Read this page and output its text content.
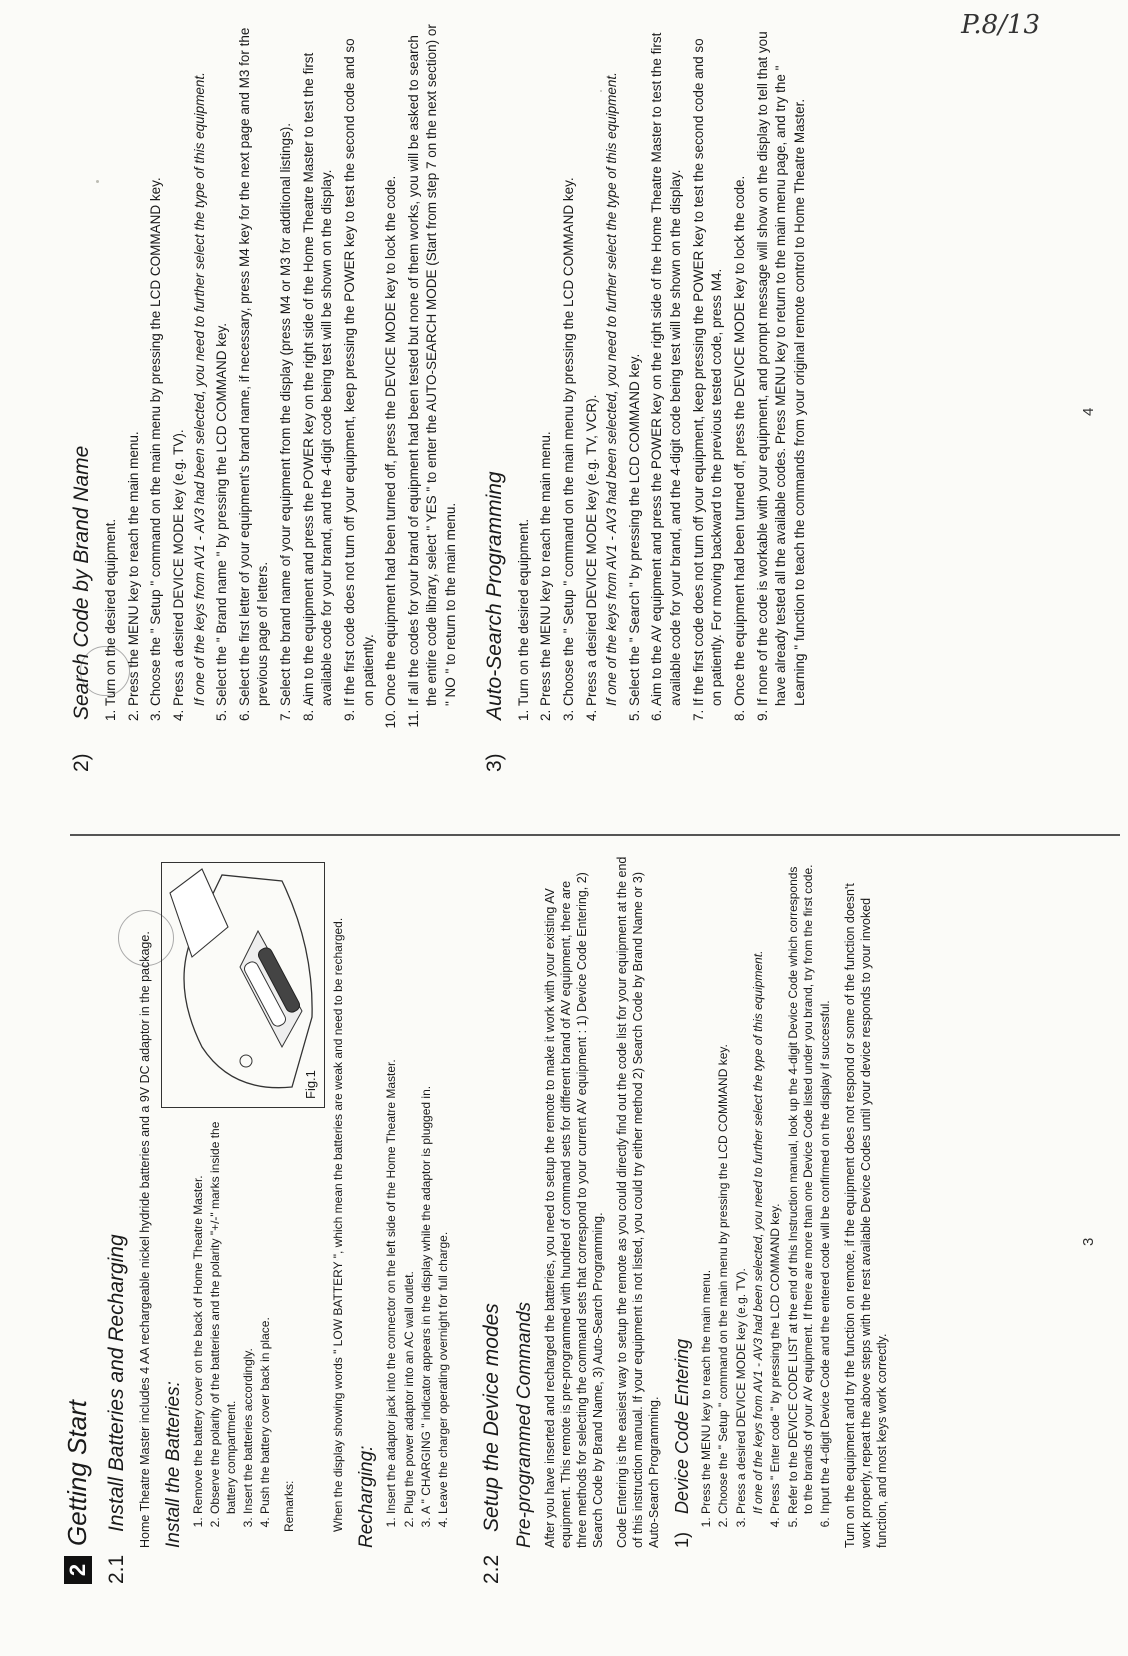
2
Getting Start
2.1Install Batteries and Recharging Home Theatre Master includes 4 AA rechargeable nickel hydride batteries and a 9V DC adaptor in the package.	Fig.1
Install the Batteries: 1. Remove the battery cover on the back of Home Theatre Master. 2. Observe the polarity of the batteries and the polarity "+/-" marks inside the battery compartment. 3. Insert the batteries accordingly. 4. Push the battery cover back in place. Remarks:	When the display showing words " LOW BATTERY ", which mean the batteries are weak and need to be recharged. Recharging: 1. Insert the adaptor jack into the connector on the left side of the Home Theatre Master. 2. Plug the power adaptor into an AC wall outlet. 3. A " CHARGING " indicator appears in the display while the adaptor is plugged in. 4. Leave the charger operating overnight for full charge.
2.2Setup the Device modes Pre-programmed Commands After you have inserted and recharged the batteries, you need to setup the remote to make it work with your existing AV equipment. This remote is pre-programmed with hundred of command sets for different brand of AV equipment, there are three methods for selecting the command sets that correspond to your current AV equipment : 1) Device Code Entering, 2) Search Code by Brand Name, 3) Auto-Search Programming. Code Entering is the easiest way to setup the remote as you could directly find out the code list for your equipment at the end of this instruction manual. If your equipment is not listed, you could try either method 2) Search Code by Brand Name or 3) Auto-Search Programming. 1)Device Code Entering 1. Press the MENU key to reach the main menu. 2. Choose the " Setup " command on the main menu by pressing the LCD COMMAND key. 3. Press a desired DEVICE MODE key (e.g. TV). If one of the keys from AV1 - AV3 had been selected, you need to further select the type of this equipment. 4. Press " Enter code " by pressing the LCD COMMAND key. 5. Refer to the DEVICE CODE LIST at the end of this Instruction manual, look up the 4-digit Device Code which corresponds to the brands of your AV equipment. If there are more than one Device Code listed under you brand, try from the first code. 6. Input the 4-digit Device Code and the entered code will be confirmed on the display if successful. Turn on the equipment and try the function on remote, if the equipment does not respond or some of the function doesn't work properly, repeat the above steps with the rest available Device Codes until your device responds to your invoked function, and most keys work correctly.

3
2)Search Code by Brand Name 1. Turn on the desired equipment. 2. Press the MENU key to reach the main menu. 3. Choose the " Setup " command on the main menu by pressing the LCD COMMAND key. 4. Press a desired DEVICE MODE key (e.g. TV). If one of the keys from AV1 - AV3 had been selected, you need to further select the type of this equipment. 5. Select the " Brand name " by pressing the LCD COMMAND key. 6. Select the first letter of your equipment's brand name, if necessary, press M4 key for the next page and M3 for the previous page of letters. 7. Select the brand name of your equipment from the display (press M4 or M3 for additional listings). 8. Aim to the equipment and press the POWER key on the right side of the Home Theatre Master to test the first available code for your brand, and the 4-digit code being test will be shown on the display. 9. If the first code does not turn off your equipment, keep pressing the POWER key to test the second code and so on patiently. 10. Once the equipment had been turned off, press the DEVICE MODE key to lock the code. 11. If all the codes for your brand of equipment had been tested but none of them works, you will be asked to search the entire code library, select " YES " to enter the AUTO-SEARCH MODE (Start from step 7 on the next section) or " NO " to return to the main menu.
3)Auto-Search Programming 1. Turn on the desired equipment. 2. Press the MENU key to reach the main menu. 3. Choose the " Setup " command on the main menu by pressing the LCD COMMAND key. 4. Press a desired DEVICE MODE key (e.g. TV, VCR). If one of the keys from AV1 - AV3 had been selected, you need to further select the type of this equipment. 5. Select the " Search " by pressing the LCD COMMAND key. 6. Aim to the AV equipment and press the POWER key on the right side of the Home Theatre Master to test the first available code for your brand, and the 4-digit code being test will be shown on the display. 7. If the first code does not turn off your equipment, keep pressing the POWER key to test the second code and so on patiently. For moving backward to the previous tested code, press M4. 8. Once the equipment had been turned off, press the DEVICE MODE key to lock the code. 9. If none of the code is workable with your equipment, and prompt message will show on the display to tell that you have already tested all the available codes. Press MENU key to return to the main menu page, and try the " Learning " function to teach the commands from your original remote control to Home Theatre Master.	4
P.8/13
